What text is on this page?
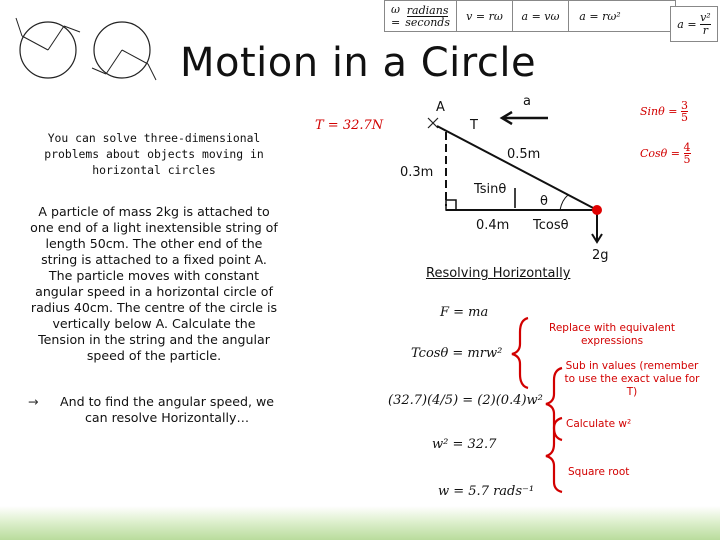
ω =
radians
seconds	v = rω	a = vω	a = rω²
a =
$\frac{\text{v²}}{r}$
Motion in a Circle
You can solve three-dimensional problems about objects moving in horizontal circles
A particle of mass 2kg is attached to one end of a light inextensible string of length 50cm. The other end of the string is attached to a fixed point A. The particle moves with constant angular speed in a horizontal circle of radius 40cm. The centre of the circle is vertically below A. Calculate the Tension in the string and the angular speed of the particle.
→	And to find the angular speed, we can resolve Horizontally…
A	a
T
T = 32.7N
0.5m
0.3m
Tsinθ
θ
0.4m Tcosθ
2g
Sinθ =
$\frac{3}{5}$
Cosθ =
$\frac{4}{5}$
Resolving Horizontally
F = ma
Tcosθ = mrw²
(32.7)(4/5) = (2)(0.4)w²
w² = 32.7
w = 5.7 rads⁻¹
Replace with equivalent expressions
Sub in values (remember to use the exact value for T)
Calculate w²
Square root
